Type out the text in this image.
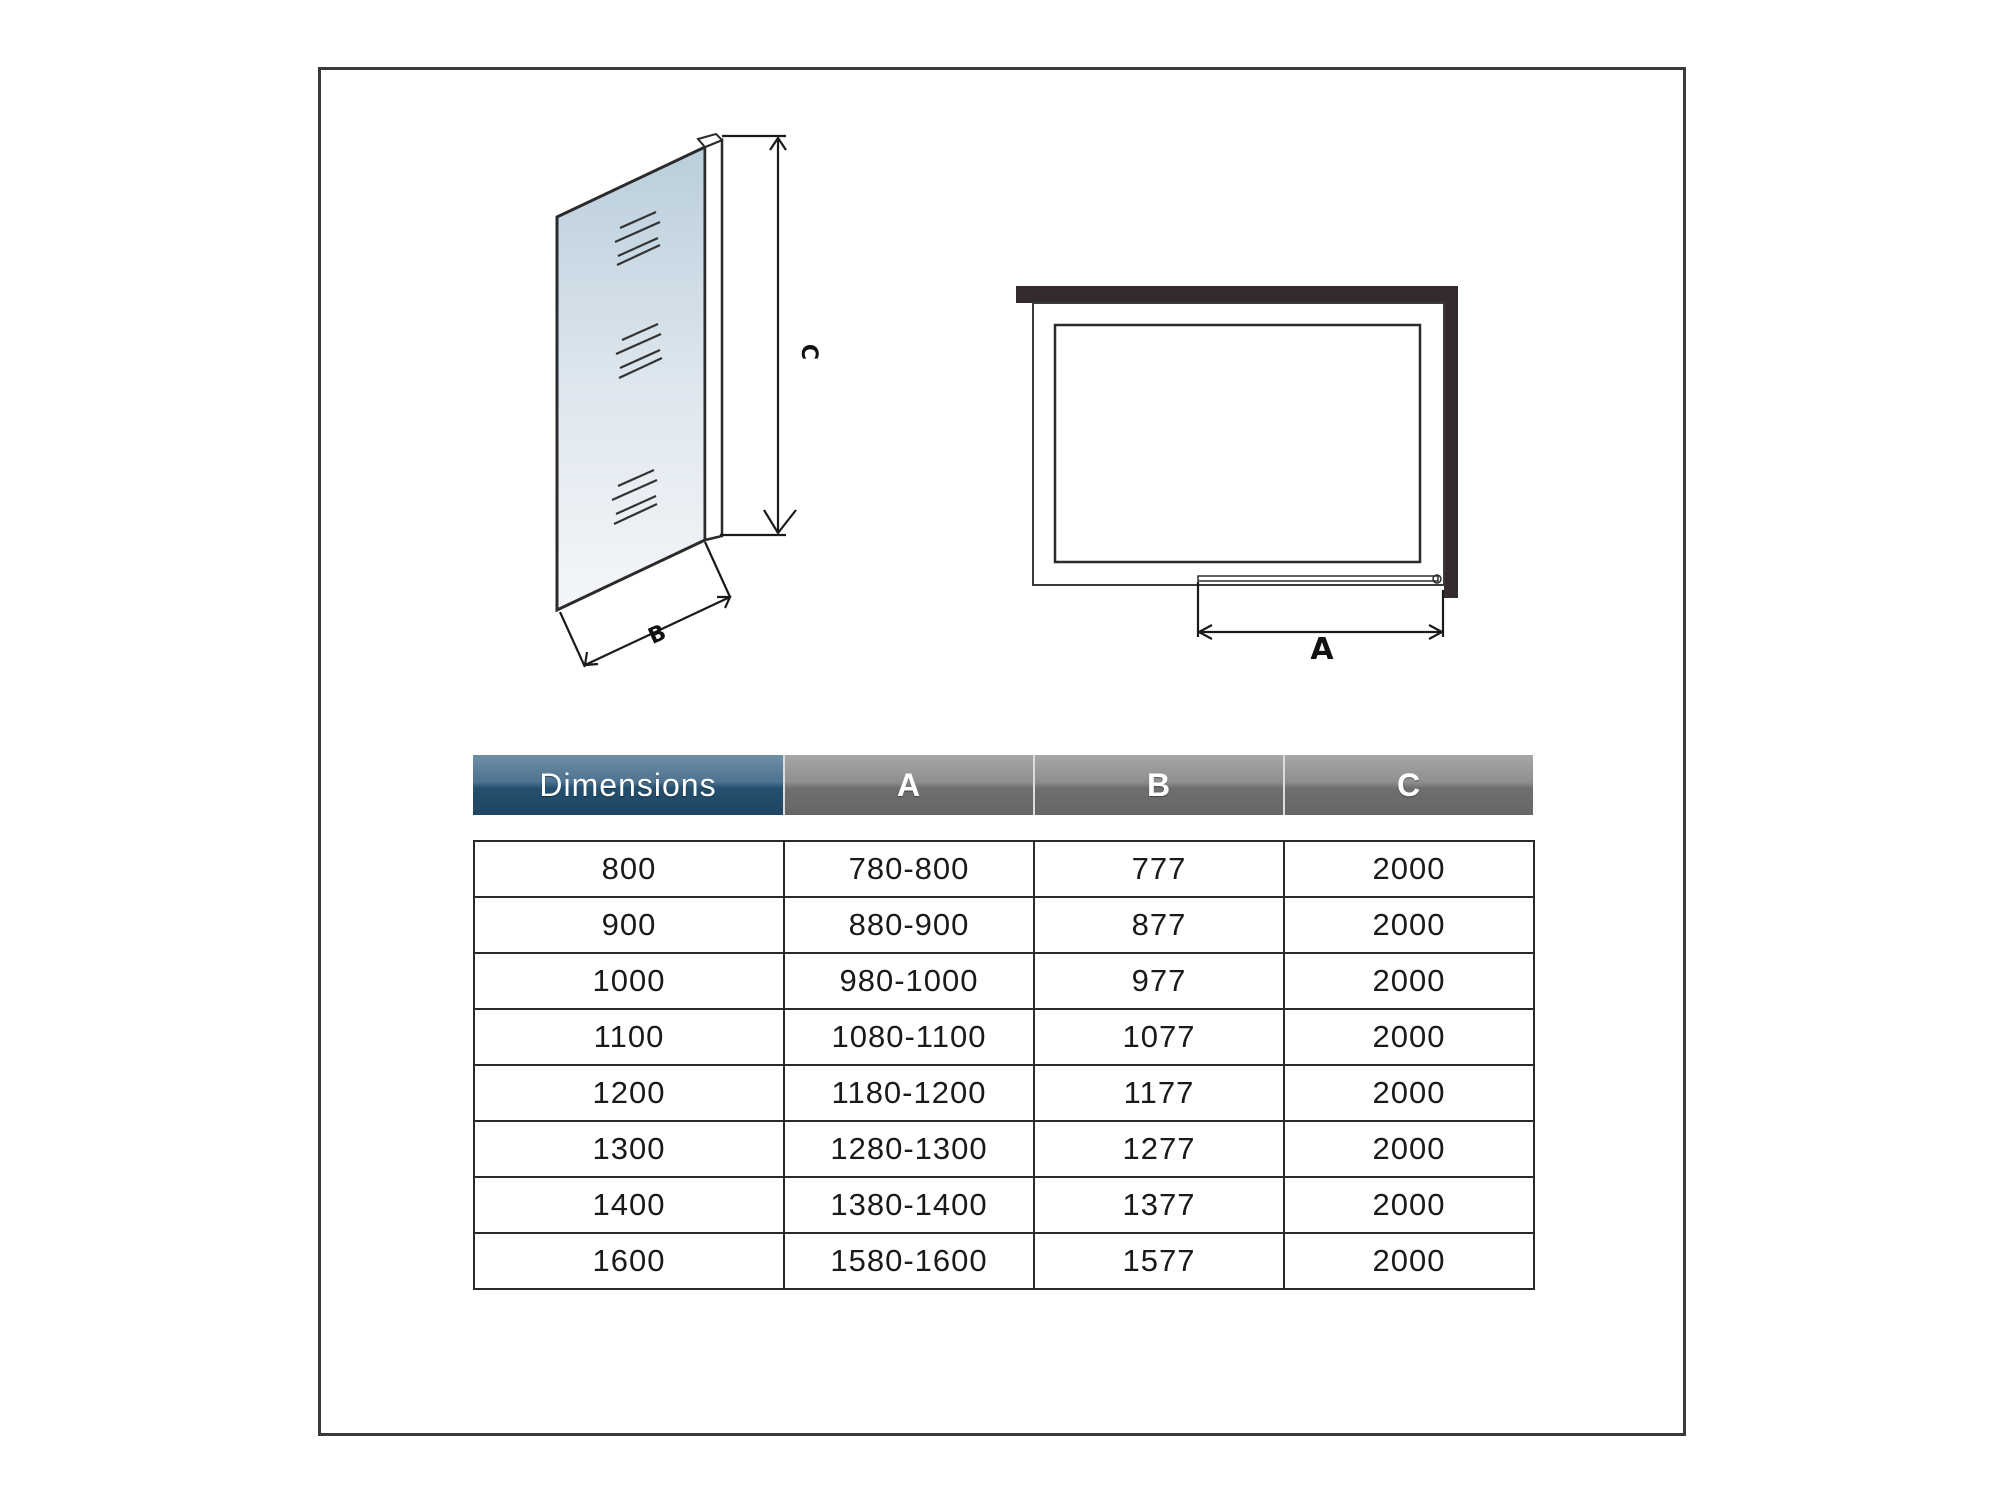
C
B	A
Dimensions	A	B	C
800	780-800	777	2000
900	880-900	877	2000
1000	980-1000	977	2000
1100	1080-1100	1077	2000
1200	1180-1200	1177	2000
1300	1280-1300	1277	2000
1400	1380-1400	1377	2000
1600	1580-1600	1577	2000
